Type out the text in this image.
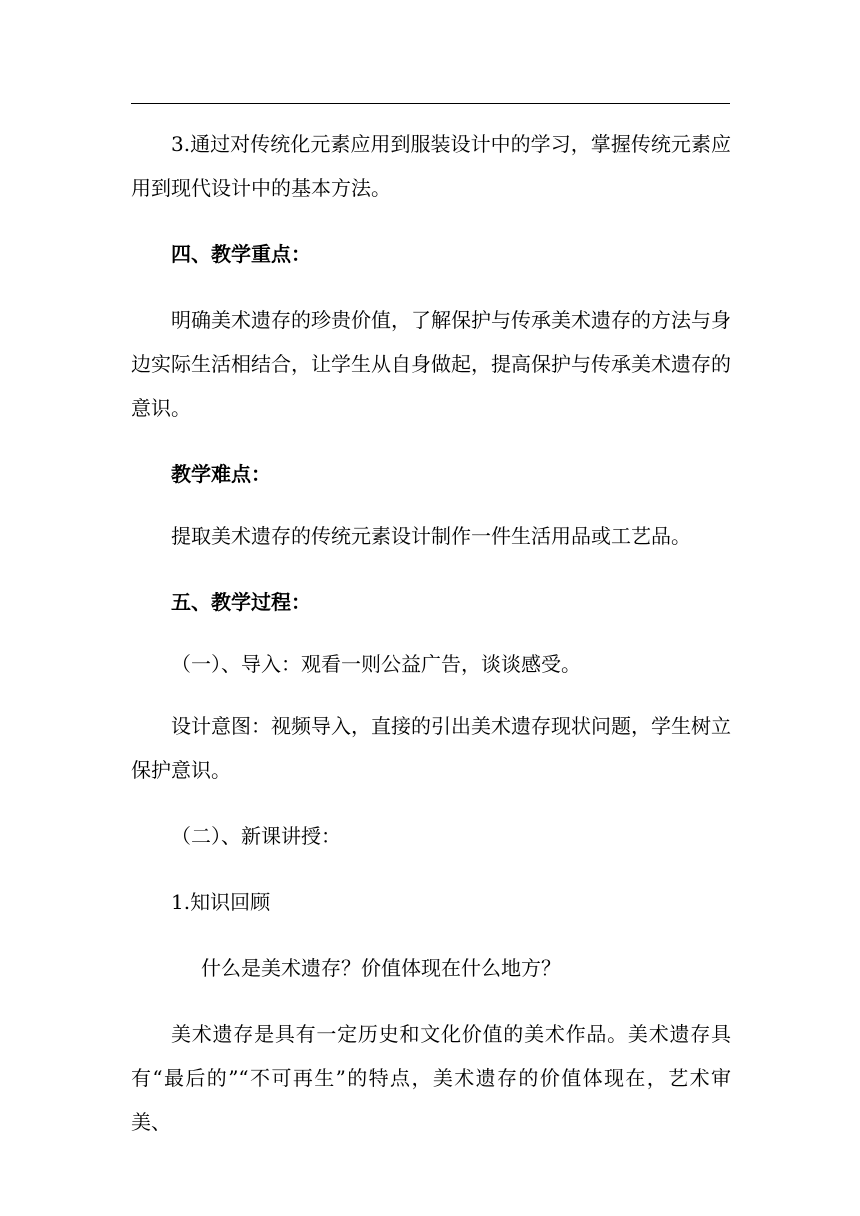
3.通过对传统化元素应用到服装设计中的学习，掌握传统元素应用到现代设计中的基本方法。

四、教学重点：

明确美术遗存的珍贵价值，了解保护与传承美术遗存的方法与身边实际生活相结合，让学生从自身做起，提高保护与传承美术遗存的意识。

教学难点：

提取美术遗存的传统元素设计制作一件生活用品或工艺品。

五、教学过程：

（一）、导入：观看一则公益广告，谈谈感受。

设计意图：视频导入，直接的引出美术遗存现状问题，学生树立保护意识。

（二）、新课讲授：

1.知识回顾

什么是美术遗存？价值体现在什么地方？

美术遗存是具有一定历史和文化价值的美术作品。美术遗存具有“最后的”“不可再生”的特点，美术遗存的价值体现在，艺术审美、
